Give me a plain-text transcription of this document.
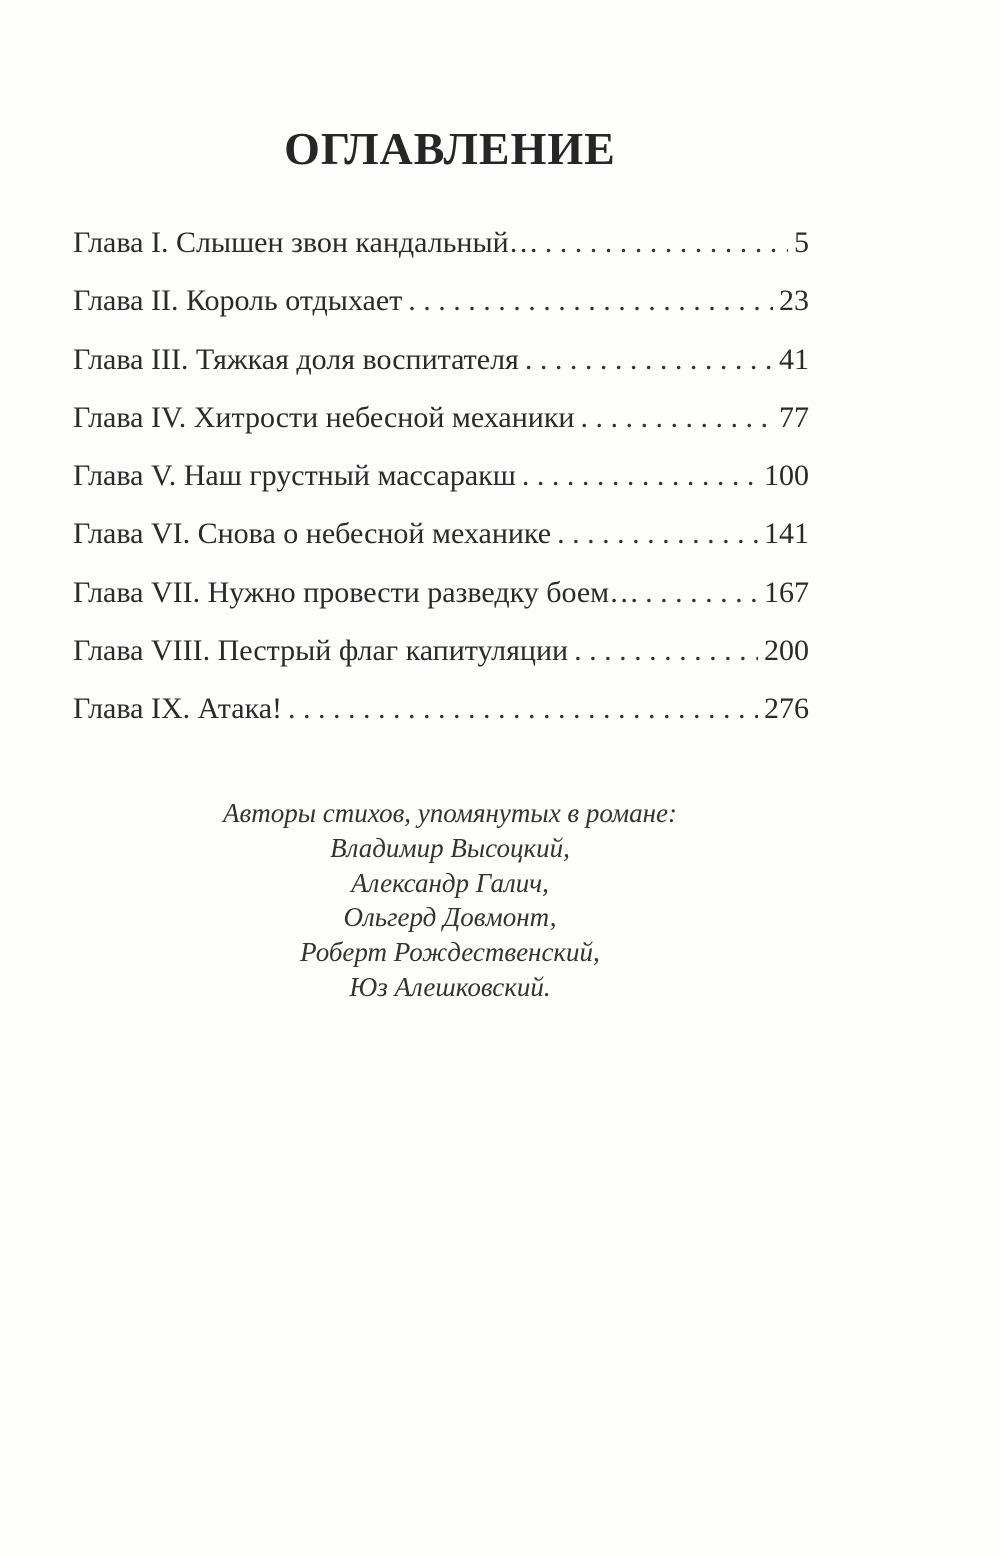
ОГЛАВЛЕНИЕ
Глава I. Слышен звон кандальный… . . .	5
Глава II. Король отдыхает . . .	23
Глава III. Тяжкая доля воспитателя . . .	41
Глава IV. Хитрости небесной механики . . .	77
Глава V. Наш грустный массаракш . . .	100
Глава VI. Снова о небесной механике . . .	141
Глава VII. Нужно провести разведку боем… . . .	167
Глава VIII. Пестрый флаг капитуляции . . .	200
Глава IX. Атака! . . .	276
Авторы стихов, упомянутых в романе:
Владимир Высоцкий,
Александр Галич,
Ольгерд Довмонт,
Роберт Рождественский,
Юз Алешковский.
